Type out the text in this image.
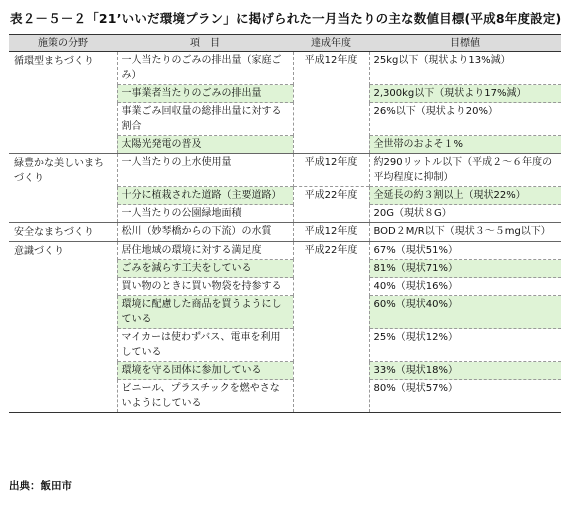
表２－５－２「21’いいだ環境プラン」に掲げられた一月当たりの主な数値目標(平成8年度設定)
施策の分野	項　目	達成年度	目標値
循環型まちづくり	一人当たりのごみの排出量（家庭ごみ）	平成12年度	25kg以下（現状より13%減）
	一事業者当たりのごみの排出量		2,300kg以下（現状より17%減）
	事業ごみ回収量の総排出量に対する割合		26%以下（現状より20%）
	太陽光発電の普及		全世帯のおよそ１%
緑豊かな美しいまちづくり	一人当たりの上水使用量	平成12年度	約290リットル以下（平成２～６年度の平均程度に抑制）
	十分に植栽された道路（主要道路）	平成22年度	全延長の約３割以上（現状22%）
	一人当たりの公園緑地面積		20G（現状８G）
安全なまちづくり	松川（妙琴橋からの下流）の水質	平成12年度	BOD２M/R以下（現状３～５mg以下）
意識づくり	居住地域の環境に対する満足度	平成22年度	67%（現状51%）
	ごみを減らす工夫をしている		81%（現状71%）
	買い物のときに買い物袋を持参する		40%（現状16%）
	環境に配慮した商品を買うようにしている		60%（現状40%）
	マイカーは使わずバス、電車を利用している		25%（現状12%）
	環境を守る団体に参加している		33%（現状18%）
	ビニール、プラスチックを燃やさないようにしている		80%（現状57%）
出典：飯田市
